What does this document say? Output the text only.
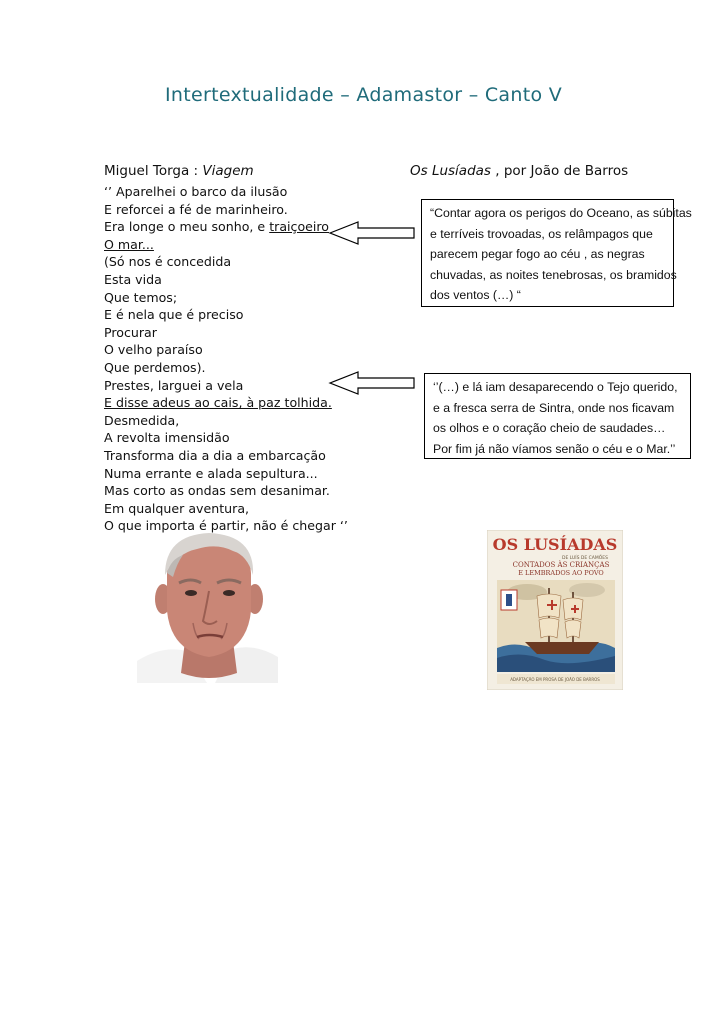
Intertextualidade – Adamastor – Canto V
Miguel Torga : Viagem	Os Lusíadas , por João de Barros
‘’ Aparelhei o barco da ilusão
E reforcei a fé de marinheiro.
Era longe o meu sonho, e traiçoeiro
O mar...
(Só nos é concedida
Esta vida
Que temos;
E é nela que é preciso
Procurar
O velho paraíso
Que perdemos).
Prestes, larguei a vela
E disse adeus ao cais, à paz tolhida.
Desmedida,
A revolta imensidão
Transforma dia a dia a embarcação
Numa errante e alada sepultura...
Mas corto as ondas sem desanimar.
Em qualquer aventura,
O que importa é partir, não é chegar ‘’
“Contar agora os perigos do Oceano, as súbitas
e terríveis trovoadas, os relâmpagos que
parecem pegar fogo ao céu , as negras
chuvadas, as noites tenebrosas, os bramidos
dos ventos (…) “
‘’(…) e lá iam desaparecendo o Tejo querido,
e a fresca serra de Sintra, onde nos ficavam
os olhos e o coração cheio de saudades…
Por fim já não víamos senão o céu e o Mar.’’
OS LUSÍADAS
DE LUÍS DE CAMÕES
CONTADOS ÀS CRIANÇAS
E LEMBRADOS AO POVO
ADAPTAÇÃO EM PROSA DE JOÃO DE BARROS
